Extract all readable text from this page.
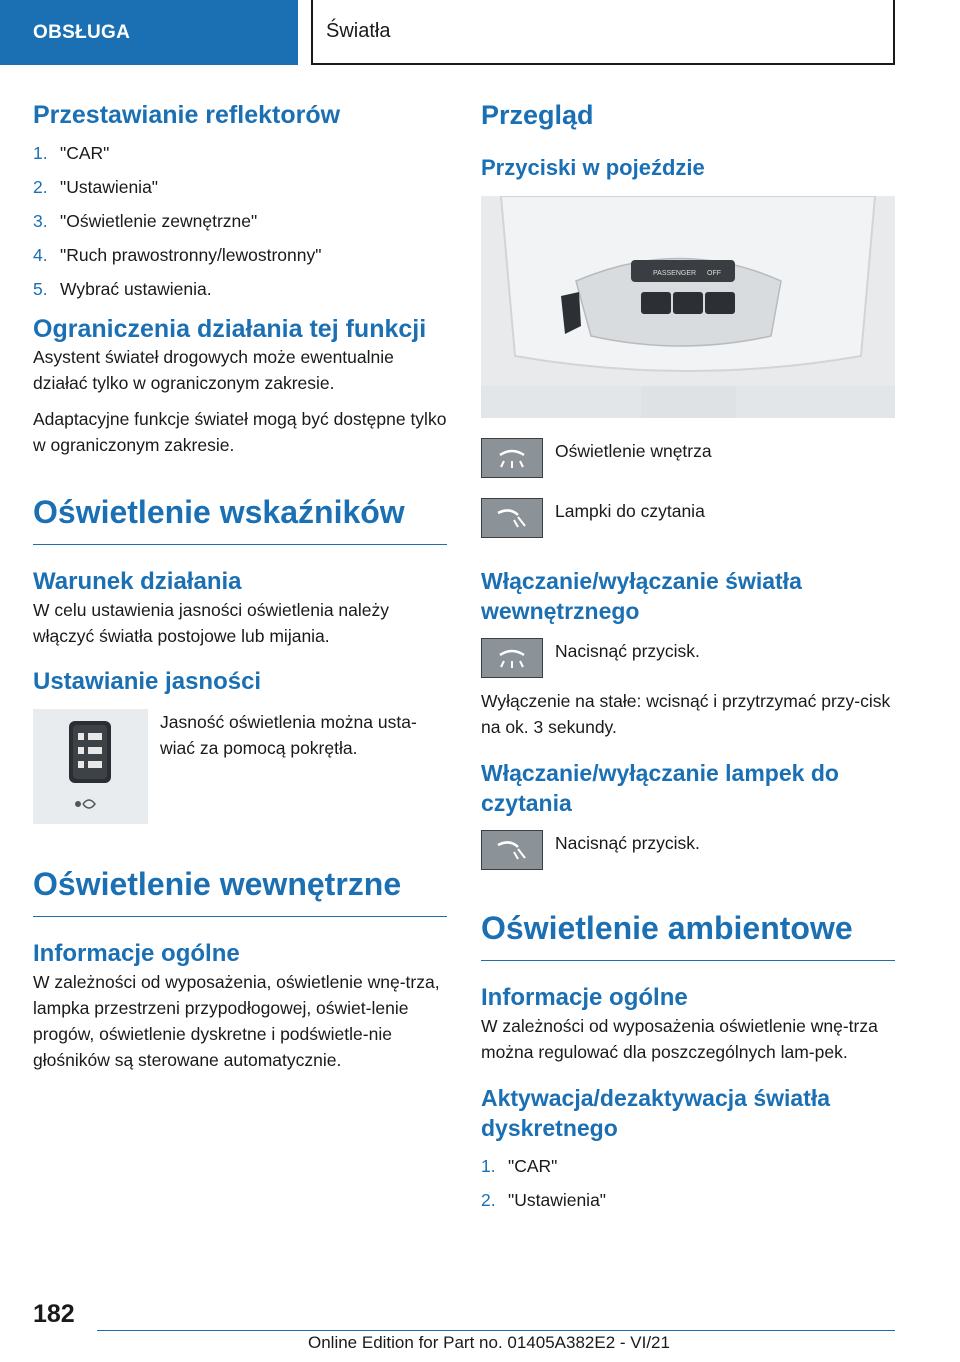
OBSŁUGA	Światła
Przestawianie reflektorów
1. "CAR"
2. "Ustawienia"
3. "Oświetlenie zewnętrzne"
4. "Ruch prawostronny/lewostronny"
5. Wybrać ustawienia.
Ograniczenia działania tej funkcji

Asystent świateł drogowych może ewentualnie działać tylko w ograniczonym zakresie.

Adaptacyjne funkcje świateł mogą być dostępne tylko w ograniczonym zakresie.

Oświetlenie wskaźników
Warunek działania

W celu ustawienia jasności oświetlenia należy włączyć światła postojowe lub mijania.

Ustawianie jasności

Jasność oświetlenia można usta-wiać za pomocą pokrętła.

Oświetlenie wewnętrzne
Informacje ogólne

W zależności od wyposażenia, oświetlenie wnę-trza, lampka przestrzeni przypodłogowej, oświet-lenie progów, oświetlenie dyskretne i podświetle-nie głośników są sterowane automatycznie.

Przegląd
Przyciski w pojeździe
PASSENGER OFF

Oświetlenie wnętrza

Lampki do czytania

Włączanie/wyłączanie światła wewnętrznego

Nacisnąć przycisk.

Wyłączenie na stałe: wcisnąć i przytrzymać przy-cisk na ok. 3 sekundy.

Włączanie/wyłączanie lampek do czytania

Nacisnąć przycisk.

Oświetlenie ambientowe
Informacje ogólne

W zależności od wyposażenia oświetlenie wnę-trza można regulować dla poszczególnych lam-pek.

Aktywacja/dezaktywacja światła dyskretnego
1. "CAR"
2. "Ustawienia"
182
Online Edition for Part no. 01405A382E2 - VI/21
